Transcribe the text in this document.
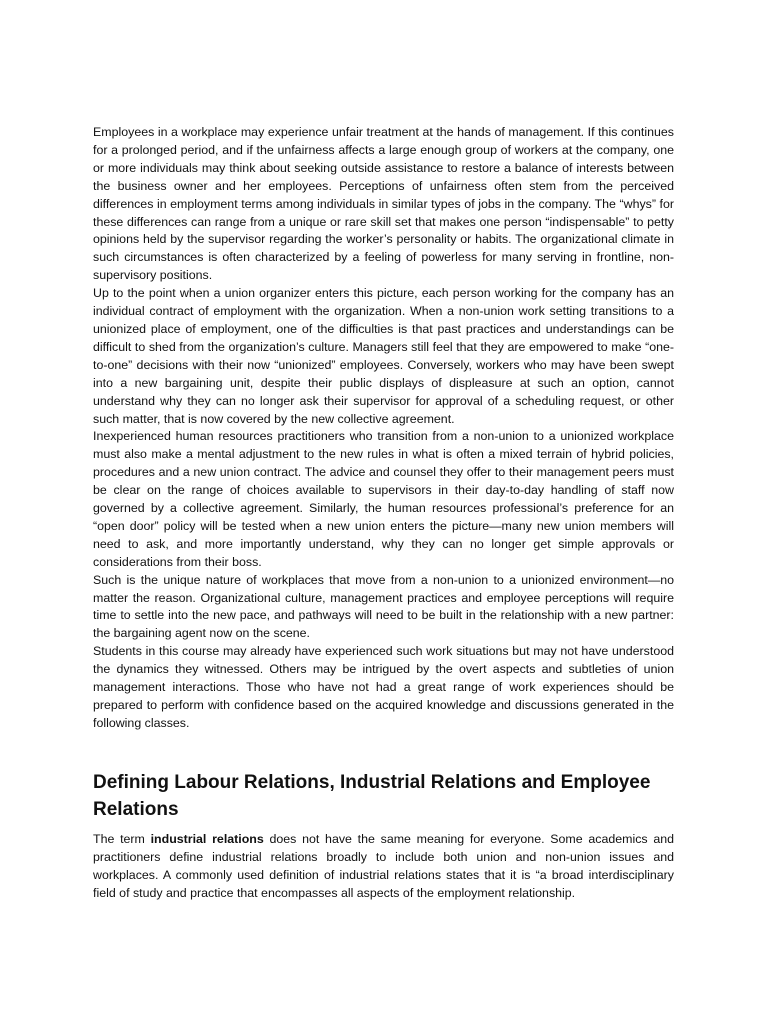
Employees in a workplace may experience unfair treatment at the hands of management. If this continues for a prolonged period, and if the unfairness affects a large enough group of workers at the company, one or more individuals may think about seeking outside assistance to restore a balance of interests between the business owner and her employees. Perceptions of unfairness often stem from the perceived differences in employment terms among individuals in similar types of jobs in the company. The “whys” for these differences can range from a unique or rare skill set that makes one person “indispensable” to petty opinions held by the supervisor regarding the worker’s personality or habits. The organizational climate in such circumstances is often characterized by a feeling of powerless for many serving in frontline, non-supervisory positions.

Up to the point when a union organizer enters this picture, each person working for the company has an individual contract of employment with the organization. When a non-union work setting transitions to a unionized place of employment, one of the difficulties is that past practices and understandings can be difficult to shed from the organization’s culture. Managers still feel that they are empowered to make “one-to-one” decisions with their now “unionized” employees. Conversely, workers who may have been swept into a new bargaining unit, despite their public displays of displeasure at such an option, cannot understand why they can no longer ask their supervisor for approval of a scheduling request, or other such matter, that is now covered by the new collective agreement.

Inexperienced human resources practitioners who transition from a non-union to a unionized workplace must also make a mental adjustment to the new rules in what is often a mixed terrain of hybrid policies, procedures and a new union contract. The advice and counsel they offer to their management peers must be clear on the range of choices available to supervisors in their day-to-day handling of staff now governed by a collective agreement. Similarly, the human resources professional’s preference for an “open door” policy will be tested when a new union enters the picture—many new union members will need to ask, and more importantly understand, why they can no longer get simple approvals or considerations from their boss.

Such is the unique nature of workplaces that move from a non-union to a unionized environment—no matter the reason. Organizational culture, management practices and employee perceptions will require time to settle into the new pace, and pathways will need to be built in the relationship with a new partner: the bargaining agent now on the scene.

Students in this course may already have experienced such work situations but may not have understood the dynamics they witnessed. Others may be intrigued by the overt aspects and subtleties of union management interactions. Those who have not had a great range of work experiences should be prepared to perform with confidence based on the acquired knowledge and discussions generated in the following classes.

Defining Labour Relations, Industrial Relations and Employee Relations

The term industrial relations does not have the same meaning for everyone. Some academics and practitioners define industrial relations broadly to include both union and non-union issues and workplaces. A commonly used definition of industrial relations states that it is “a broad interdisciplinary field of study and practice that encompasses all aspects of the employment relationship.
